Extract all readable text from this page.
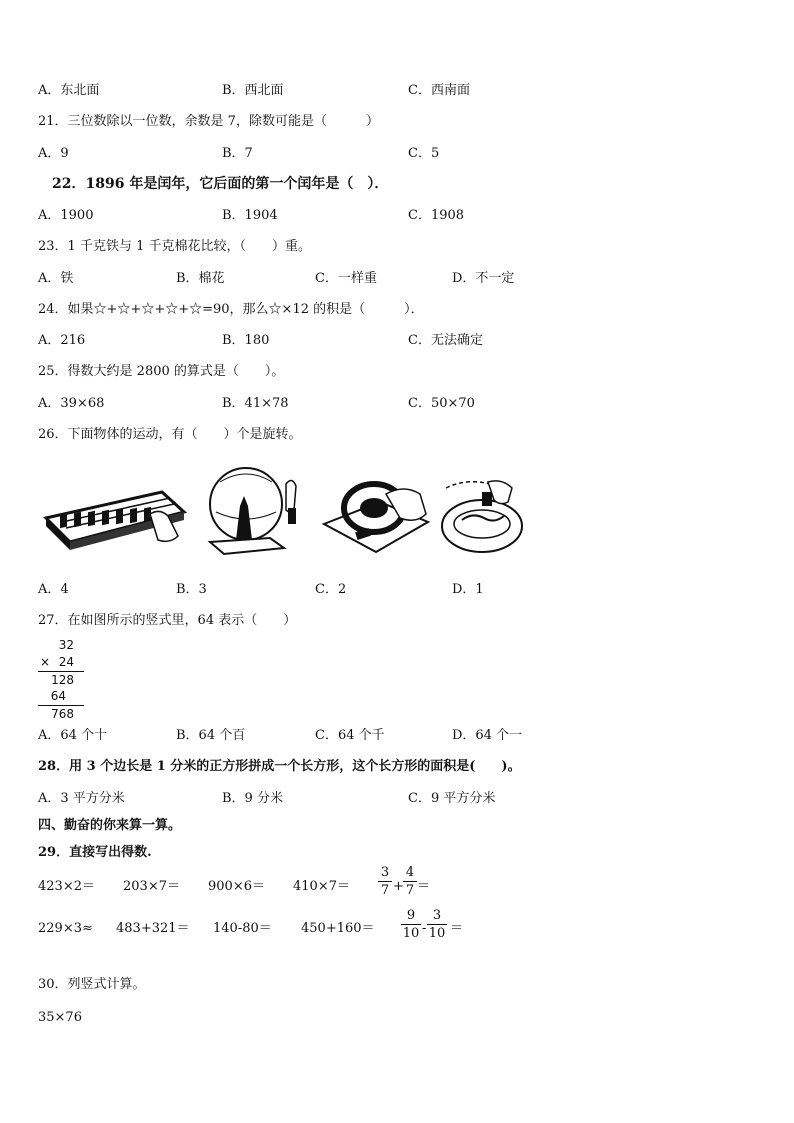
A．东北面	B．西北面	C．西南面
21．三位数除以一位数，余数是 7，除数可能是（　　　）
A．9	B．7	C．5
22．1896 年是闰年，它后面的第一个闰年是（　）．
A．1900	B．1904	C．1908
23．1 千克铁与 1 千克棉花比较，（　　）重。
A．铁	B．棉花	C．一样重	D．不一定
24．如果☆+☆+☆+☆+☆=90，那么☆×12 的积是（　　　）．
A．216	B．180	C．无法确定
25．得数大约是 2800 的算式是（　　）。
A．39×68	B．41×78	C．50×70
26．下面物体的运动，有（　　）个是旋转。
A．4	B．3	C．2	D．1
27．在如图所示的竖式里，64 表示（　　）
32
× 24
128
64
768
A．64 个十	B．64 个百	C．64 个千	D．64 个一
28．用 3 个边长是 1 分米的正方形拼成一个长方形，这个长方形的面积是(　　)。
A．3 平方分米	B．9 分米	C．9 平方分米
四、勤奋的你来算一算。
29．直接写出得数.
423×2＝ 203×7＝ 900×6＝ 410×7＝
3
7 +
4
7 ＝
229×3≈ 483+321＝ 140-80＝ 450+160＝
9
10 -
3
10 ＝
30．列竖式计算。
35×76
